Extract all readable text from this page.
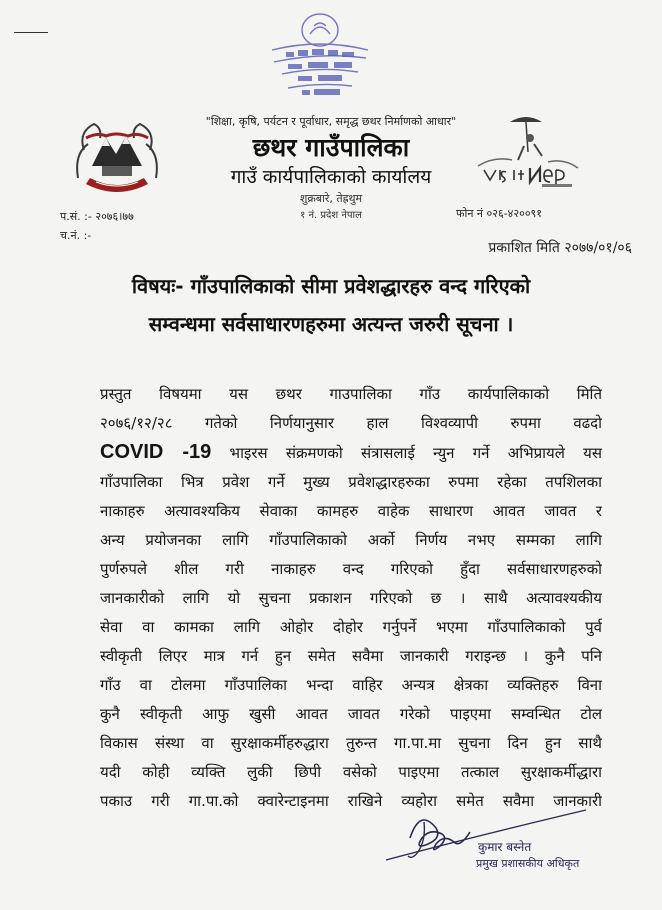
"शिक्षा, कृषि, पर्यटन र पूर्वाधार, समृद्ध छथर निर्माणको आधार"
छथर गाउँपालिका
गाउँ कार्यपालिकाको कार्यालय
शुक्रबारे, तेह्रथुम
१ नं. प्रदेश नेपाल
प.सं. :- २०७६।७७
च.नं. :-
फोन नं ०२६-४२००९१
प्रकाशित मिति २०७७/०१/०६
विषयः- गाँउपालिकाको सीमा प्रवेशद्धारहरु वन्द गरिएको
सम्वन्धमा सर्वसाधारणहरुमा अत्यन्त जरुरी सूचना ।
प्रस्तुत विषयमा यस छथर गाउपालिका गाँउ कार्यपालिकाको मिति
२०७६/१२/२८ गतेको निर्णयानुसार हाल विश्वव्यापी रुपमा वढदो
COVID -19 भाइरस संक्रमणको संत्रासलाई न्युन गर्ने अभिप्रायले यस
गाँउपालिका भित्र प्रवेश गर्ने मुख्य प्रवेशद्धारहरुका रुपमा रहेका तपशिलका
नाकाहरु अत्यावश्यकिय सेवाका कामहरु वाहेक साधारण आवत जावत र
अन्य प्रयोजनका लागि गाँउपालिकाको अर्को निर्णय नभए सम्मका लागि
पुर्णरुपले शील गरी नाकाहरु वन्द गरिएको हुँदा सर्वसाधारणहरुको
जानकारीको लागि यो सुचना प्रकाशन गरिएको छ । साथै अत्यावश्यकीय
सेवा वा कामका लागि ओहोर दोहोर गर्नुपर्ने भएमा गाँउपालिकाको पुर्व
स्वीकृती लिएर मात्र गर्न हुन समेत सवैमा जानकारी गराइन्छ । कुनै पनि
गाँउ वा टोलमा गाँउपालिका भन्दा वाहिर अन्यत्र क्षेत्रका व्यक्तिहरु विना
कुनै स्वीकृती आफु खुसी आवत जावत गरेको पाइएमा सम्वन्धित टोल
विकास संस्था वा सुरक्षाकर्मीहरुद्धारा तुरुन्त गा.पा.मा सुचना दिन हुन साथै
यदी कोही व्यक्ति लुकी छिपी वसेको पाइएमा तत्काल सुरक्षाकर्मीद्धारा
पकाउ गरी गा.पा.को क्वारेन्टाइनमा राखिने व्यहोरा समेत सवैमा जानकारी
कुमार बस्नेत
प्रमुख प्रशासकीय अधिकृत
